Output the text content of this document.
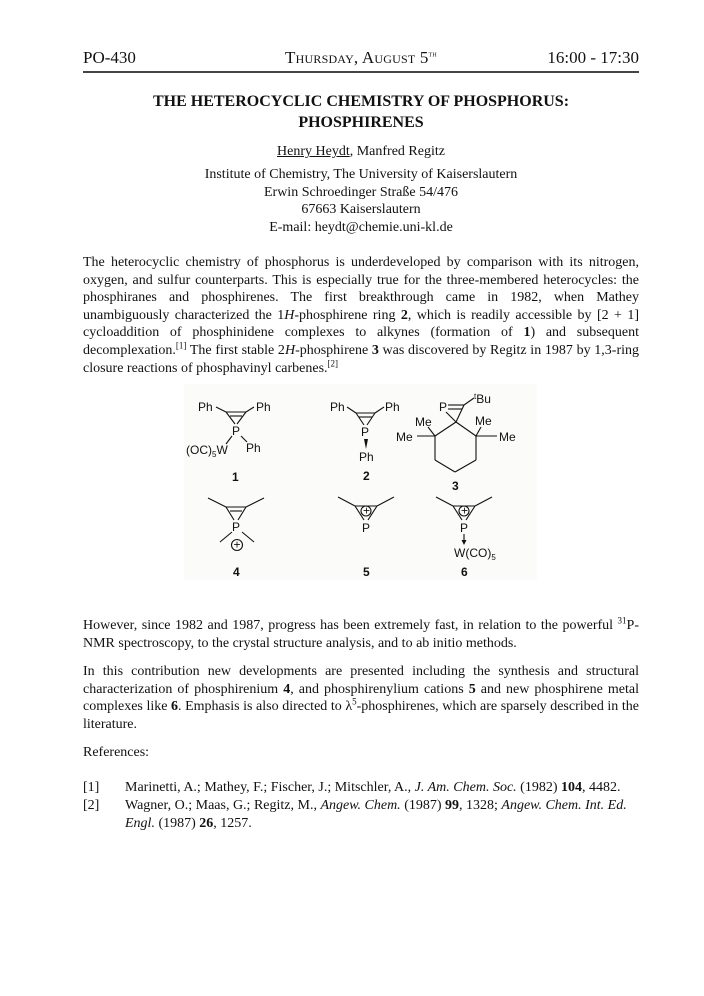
PO-430	Thursday, August 5th	16:00 - 17:30
THE HETEROCYCLIC CHEMISTRY OF PHOSPHORUS:
PHOSPHIRENES
Henry Heydt, Manfred Regitz
Institute of Chemistry, The University of Kaiserslautern
Erwin Schroedinger Straße 54/476
67663 Kaiserslautern
E-mail: heydt@chemie.uni-kl.de
The heterocyclic chemistry of phosphorus is underdeveloped by comparison with its nitrogen, oxygen, and sulfur counterparts. This is especially true for the three-membered heterocycles: the phosphiranes and phosphirenes. The first breakthrough came in 1982, when Mathey unambiguously characterized the 1H-phosphirene ring 2, which is readily accessible by [2 + 1] cycloaddition of phosphinidene complexes to alkynes (formation of 1) and subsequent decomplexation.[1] The first stable 2H-phosphirene 3 was discovered by Regitz in 1987 by 1,3-ring closure reactions of phosphavinyl carbenes.[2]
Ph	Ph
P
Ph
$(OC)_5W$
1
Ph	Ph
P
Ph
2
P
$^t$Bu
Me	Me
Me	Me
3
P
+
4
+
P
5
+
P
$W(CO)_5$
6
However, since 1982 and 1987, progress has been extremely fast, in relation to the powerful $^{31}$P-NMR spectroscopy, to the crystal structure analysis, and to ab initio methods.
In this contribution new developments are presented including the synthesis and structural characterization of phosphirenium 4, and phosphirenylium cations 5 and new phosphirene metal complexes like 6. Emphasis is also directed to $\lambda^5$-phosphirenes, which are sparsely described in the literature.
References:
[1] Marinetti, A.; Mathey, F.; Fischer, J.; Mitschler, A., J. Am. Chem. Soc. (1982) 104, 4482.
[2] Wagner, O.; Maas, G.; Regitz, M., Angew. Chem. (1987) 99, 1328; Angew. Chem. Int. Ed. Engl. (1987) 26, 1257.
